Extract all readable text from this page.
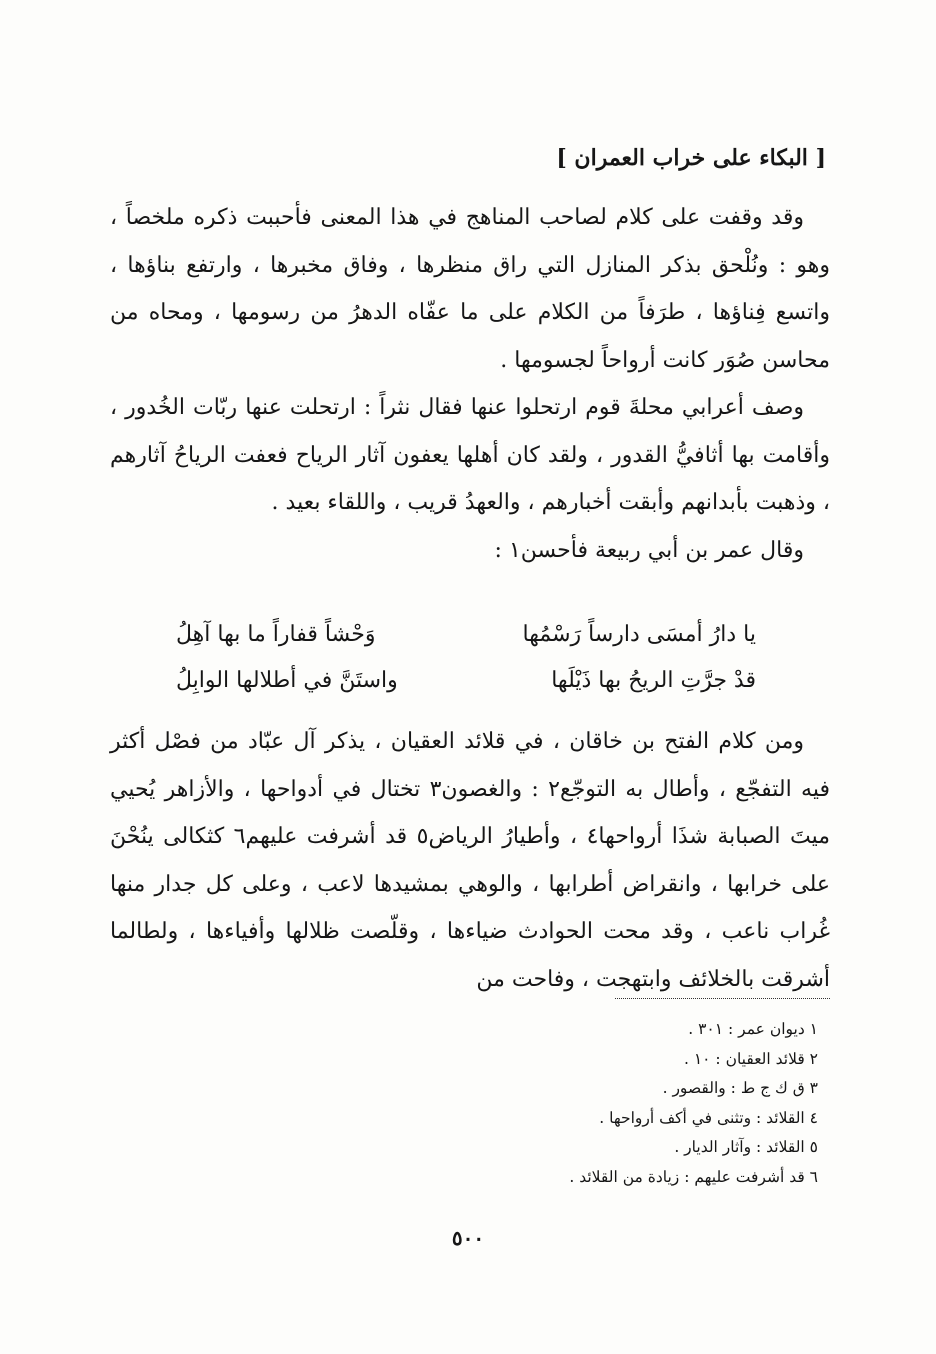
[ البكاء على خراب العمران ]

وقد وقفت على كلام لصاحب المناهج في هذا المعنى فأحببت ذكره ملخصاً ، وهو : ونُلْحق بذكر المنازل التي راق منظرها ، وفاق مخبرها ، وارتفع بناؤها ، واتسع فِناؤها ، طرَفاً من الكلام على ما عفّاه الدهرُ من رسومها ، ومحاه من محاسن صُوَر كانت أرواحاً لجسومها .

وصف أعرابي محلةَ قوم ارتحلوا عنها فقال نثراً : ارتحلت عنها ربّات الخُدور ، وأقامت بها أثافيُّ القدور ، ولقد كان أهلها يعفون آثار الرياح فعفت الرياحُ آثارهم ، وذهبت بأبدانهم وأبقت أخبارهم ، والعهدُ قريب ، واللقاء بعيد .

وقال عمر بن أبي ربيعة فأحسن١ :

يا دارُ أمسَى دارساً رَسْمُها
وَحْشاً قفاراً ما بها آهِلُ
قدْ جرَّتِ الريحُ بها ذَيْلَها
واستَنَّ في أطلالها الوابِلُ

ومن كلام الفتح بن خاقان ، في قلائد العقيان ، يذكر آل عبّاد من فصْل أكثر فيه التفجّع ، وأطال به التوجّع٢ : والغصون٣ تختال في أدواحها ، والأزاهر يُحيي ميتَ الصبابة شذَا أرواحها٤ ، وأطيارُ الرياض٥ قد أشرفت عليهم٦ كثكالى ينُحْنَ على خرابها ، وانقراض أطرابها ، والوهي بمشيدها لاعب ، وعلى كل جدار منها غُراب ناعب ، وقد محت الحوادث ضياءها ، وقلّصت ظلالها وأفياءها ، ولطالما أشرقت بالخلائف وابتهجت ، وفاحت من

١ ديوان عمر : ٣٠١ .
٢ قلائد العقيان : ١٠ .
٣ ق ك ج ط : والقصور .
٤ القلائد : وتثنى في أكف أرواحها .
٥ القلائد : وآثار الديار .
٦ قد أشرفت عليهم : زيادة من القلائد .
٥٠٠
